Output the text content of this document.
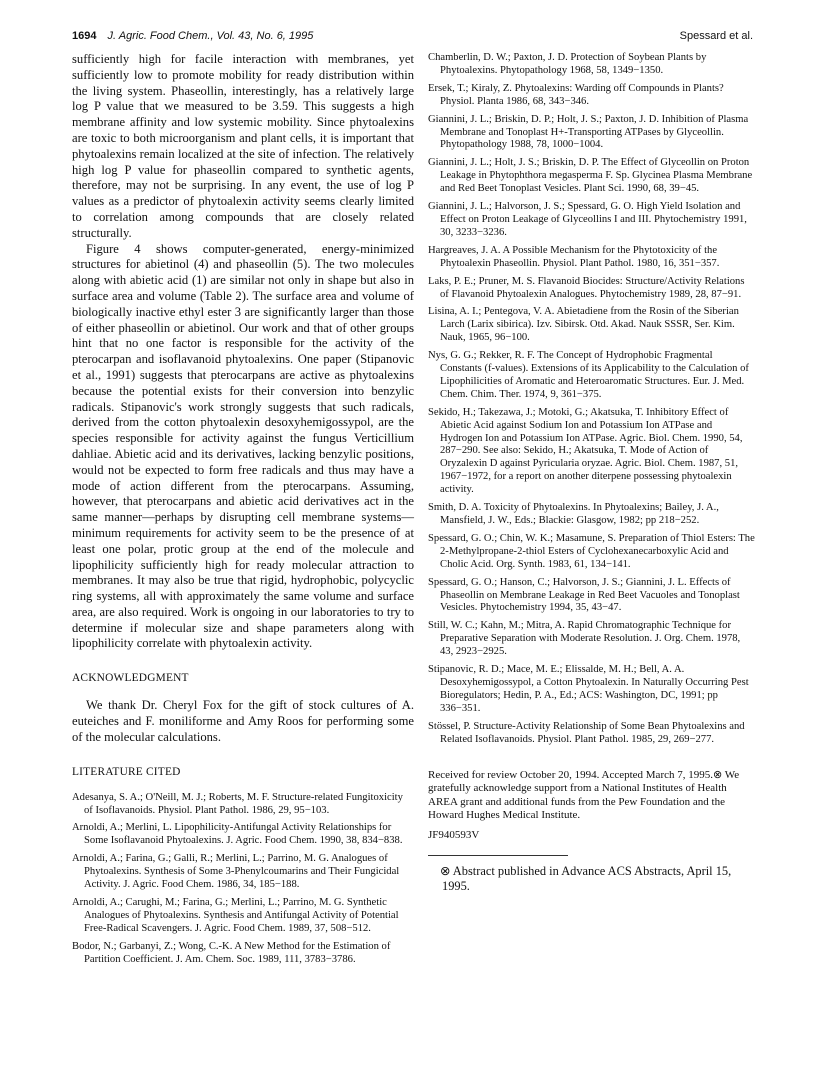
1694 J. Agric. Food Chem., Vol. 43, No. 6, 1995	Spessard et al.

sufficiently high for facile interaction with membranes, yet sufficiently low to promote mobility for ready distribution within the living system. Phaseollin, interestingly, has a relatively large log P value that we measured to be 3.59. This suggests a high membrane affinity and low systemic mobility. Since phytoalexins are toxic to both microorganism and plant cells, it is important that phytoalexins remain localized at the site of infection. The relatively high log P value for phaseollin compared to synthetic agents, therefore, may not be surprising. In any event, the use of log P values as a predictor of phytoalexin activity seems clearly limited to correlation among compounds that are closely related structurally.

Figure 4 shows computer-generated, energy-minimized structures for abietinol (4) and phaseollin (5). The two molecules along with abietic acid (1) are similar not only in shape but also in surface area and volume (Table 2). The surface area and volume of biologically inactive ethyl ester 3 are significantly larger than those of either phaseollin or abietinol. Our work and that of other groups hint that no one factor is responsible for the activity of the pterocarpan and isoflavanoid phytoalexins. One paper (Stipanovic et al., 1991) suggests that pterocarpans are active as phytoalexins because the potential exists for their conversion into benzylic radicals. Stipanovic's work strongly suggests that such radicals, derived from the cotton phytoalexin desoxyhemigossypol, are the species responsible for activity against the fungus Verticillium dahliae. Abietic acid and its derivatives, lacking benzylic positions, would not be expected to form free radicals and thus may have a mode of action different from the pterocarpans. Assuming, however, that pterocarpans and abietic acid derivatives act in the same manner—perhaps by disrupting cell membrane systems—minimum requirements for activity seem to be the presence of at least one polar, protic group at the end of the molecule and lipophilicity sufficiently high for ready molecular attraction to membranes. It may also be true that rigid, hydrophobic, polycyclic ring systems, all with approximately the same volume and surface area, are also required. Work is ongoing in our laboratories to try to determine if molecular size and shape parameters along with lipophilicity correlate with phytoalexin activity.

ACKNOWLEDGMENT

We thank Dr. Cheryl Fox for the gift of stock cultures of A. euteiches and F. moniliforme and Amy Roos for performing some of the molecular calculations.

LITERATURE CITED
Adesanya, S. A.; O'Neill, M. J.; Roberts, M. F. Structure-related Fungitoxicity of Isoflavanoids. Physiol. Plant Pathol. 1986, 29, 95−103.
Arnoldi, A.; Merlini, L. Lipophilicity-Antifungal Activity Relationships for Some Isoflavanoid Phytoalexins. J. Agric. Food Chem. 1990, 38, 834−838.
Arnoldi, A.; Farina, G.; Galli, R.; Merlini, L.; Parrino, M. G. Analogues of Phytoalexins. Synthesis of Some 3-Phenylcoumarins and Their Fungicidal Activity. J. Agric. Food Chem. 1986, 34, 185−188.
Arnoldi, A.; Carughi, M.; Farina, G.; Merlini, L.; Parrino, M. G. Synthetic Analogues of Phytoalexins. Synthesis and Antifungal Activity of Potential Free-Radical Scavengers. J. Agric. Food Chem. 1989, 37, 508−512.
Bodor, N.; Garbanyi, Z.; Wong, C.-K. A New Method for the Estimation of Partition Coefficient. J. Am. Chem. Soc. 1989, 111, 3783−3786.
Chamberlin, D. W.; Paxton, J. D. Protection of Soybean Plants by Phytoalexins. Phytopathology 1968, 58, 1349−1350.
Ersek, T.; Kiraly, Z. Phytoalexins: Warding off Compounds in Plants? Physiol. Planta 1986, 68, 343−346.
Giannini, J. L.; Briskin, D. P.; Holt, J. S.; Paxton, J. D. Inhibition of Plasma Membrane and Tonoplast H+-Transporting ATPases by Glyceollin. Phytopathology 1988, 78, 1000−1004.
Giannini, J. L.; Holt, J. S.; Briskin, D. P. The Effect of Glyceollin on Proton Leakage in Phytophthora megasperma F. Sp. Glycinea Plasma Membrane and Red Beet Tonoplast Vesicles. Plant Sci. 1990, 68, 39−45.
Giannini, J. L.; Halvorson, J. S.; Spessard, G. O. High Yield Isolation and Effect on Proton Leakage of Glyceollins I and III. Phytochemistry 1991, 30, 3233−3236.
Hargreaves, J. A. A Possible Mechanism for the Phytotoxicity of the Phytoalexin Phaseollin. Physiol. Plant Pathol. 1980, 16, 351−357.
Laks, P. E.; Pruner, M. S. Flavanoid Biocides: Structure/Activity Relations of Flavanoid Phytoalexin Analogues. Phytochemistry 1989, 28, 87−91.
Lisina, A. I.; Pentegova, V. A. Abietadiene from the Rosin of the Siberian Larch (Larix sibirica). Izv. Sibirsk. Otd. Akad. Nauk SSSR, Ser. Kim. Nauk, 1965, 96−100.
Nys, G. G.; Rekker, R. F. The Concept of Hydrophobic Fragmental Constants (f-values). Extensions of its Applicability to the Calculation of Lipophilicities of Aromatic and Heteroaromatic Structures. Eur. J. Med. Chem. Chim. Ther. 1974, 9, 361−375.
Sekido, H.; Takezawa, J.; Motoki, G.; Akatsuka, T. Inhibitory Effect of Abietic Acid against Sodium Ion and Potassium Ion ATPase and Hydrogen Ion and Potassium Ion ATPase. Agric. Biol. Chem. 1990, 54, 287−290. See also: Sekido, H.; Akatsuka, T. Mode of Action of Oryzalexin D against Pyricularia oryzae. Agric. Biol. Chem. 1987, 51, 1967−1972, for a report on another diterpene possessing phytoalexin activity.
Smith, D. A. Toxicity of Phytoalexins. In Phytoalexins; Bailey, J. A., Mansfield, J. W., Eds.; Blackie: Glasgow, 1982; pp 218−252.
Spessard, G. O.; Chin, W. K.; Masamune, S. Preparation of Thiol Esters: The 2-Methylpropane-2-thiol Esters of Cyclohexanecarboxylic Acid and Cholic Acid. Org. Synth. 1983, 61, 134−141.
Spessard, G. O.; Hanson, C.; Halvorson, J. S.; Giannini, J. L. Effects of Phaseollin on Membrane Leakage in Red Beet Vacuoles and Tonoplast Vesicles. Phytochemistry 1994, 35, 43−47.
Still, W. C.; Kahn, M.; Mitra, A. Rapid Chromatographic Technique for Preparative Separation with Moderate Resolution. J. Org. Chem. 1978, 43, 2923−2925.
Stipanovic, R. D.; Mace, M. E.; Elissalde, M. H.; Bell, A. A. Desoxyhemigossypol, a Cotton Phytoalexin. In Naturally Occurring Pest Bioregulators; Hedin, P. A., Ed.; ACS: Washington, DC, 1991; pp 336−351.
Stössel, P. Structure-Activity Relationship of Some Bean Phytoalexins and Related Isoflavanoids. Physiol. Plant Pathol. 1985, 29, 269−277.
Received for review October 20, 1994. Accepted March 7, 1995.⊗ We gratefully acknowledge support from a National Institutes of Health AREA grant and additional funds from the Pew Foundation and the Howard Hughes Medical Institute.
JF940593V
⊗ Abstract published in Advance ACS Abstracts, April 15, 1995.
